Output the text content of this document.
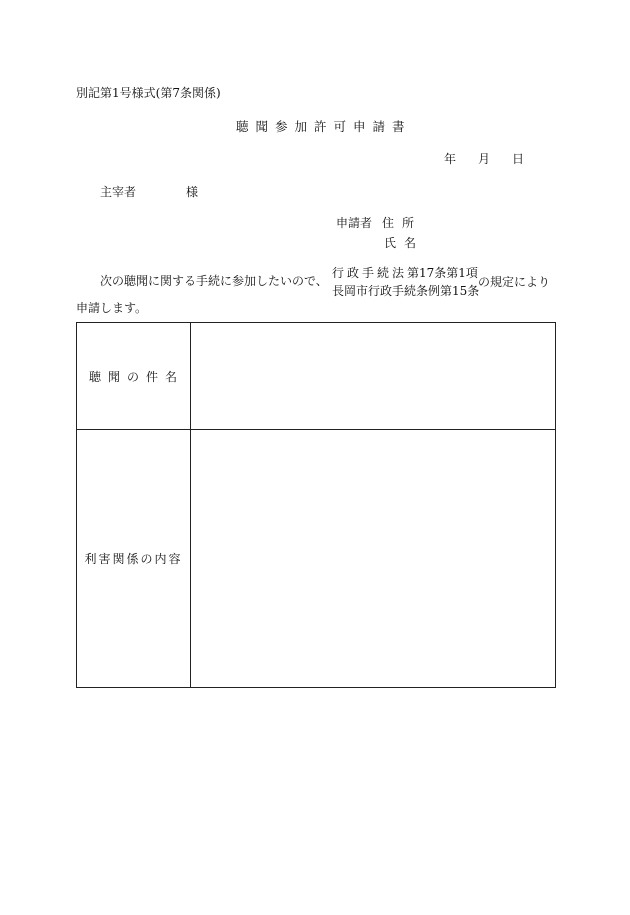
別記第1号様式(第7条関係)
聴聞参加許可申請書
年 月 日
主宰者	様
申請者 住所
氏名
次の聴聞に関する手続に参加したいので、
行政手続法第17条第1項
長岡市行政手続条例第15条
の規定により
申請します。
聴聞の件名
利害関係の内容
